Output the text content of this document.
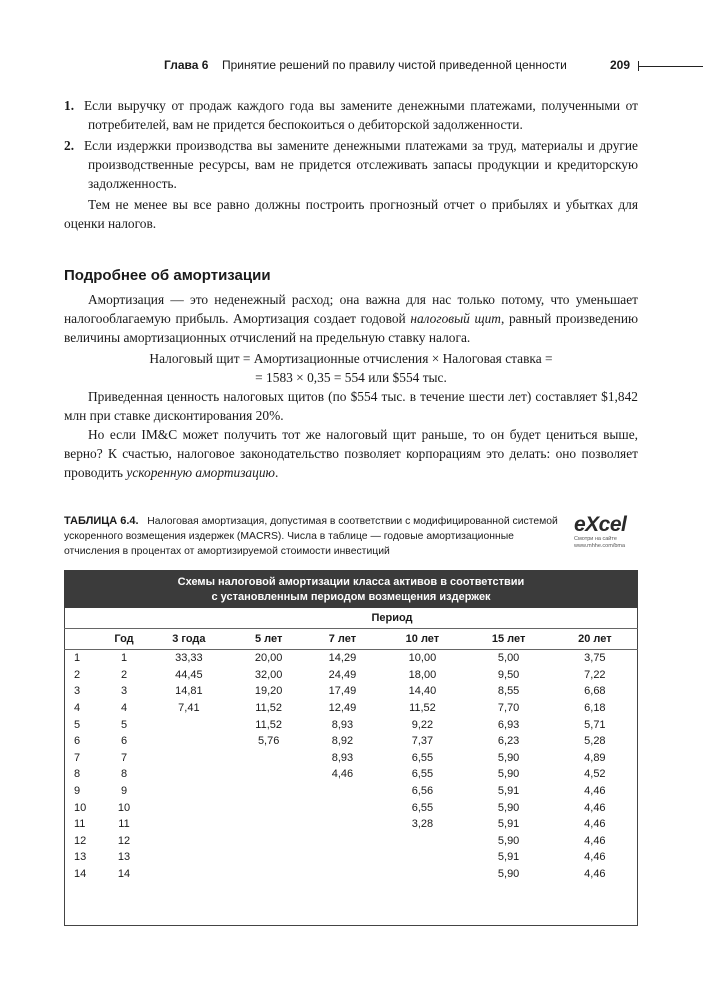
Глава 6 Принятие решений по правилу чистой приведенной ценности	209

1. Если выручку от продаж каждого года вы замените денежными платежами, полученными от потребителей, вам не придется беспокоиться о дебиторской задолженности.

2. Если издержки производства вы замените денежными платежами за труд, материалы и другие производственные ресурсы, вам не придется отслеживать запасы продукции и кредиторскую задолженность.

Тем не менее вы все равно должны построить прогнозный отчет о прибылях и убытках для оценки налогов.

Подробнее об амортизации

Амортизация — это неденежный расход; она важна для нас только потому, что уменьшает налогооблагаемую прибыль. Амортизация создает годовой налоговый щит, равный произведению величины амортизационных отчислений на предельную ставку налога.

Налоговый щит = Амортизационные отчисления × Налоговая ставка =

= 1583 × 0,35 = 554 или $554 тыс.

Приведенная ценность налоговых щитов (по $554 тыс. в течение шести лет) составляет $1,842 млн при ставке дисконтирования 20%.

Но если IM&C может получить тот же налоговый щит раньше, то он будет цениться выше, верно? К счастью, налоговое законодательство позволяет корпорациям это делать: оно позволяет проводить ускоренную амортизацию.

ТАБЛИЦА 6.4. Налоговая амортизация, допустимая в соответствии с модифицированной системой ускоренного возмещения издержек (MACRS). Числа в таблице — годовые амортизационные отчисления в процентах от амортизируемой стоимости инвестиций
eXcel
Смотри на сайте
www.mhhe.com/bma
Схемы налоговой амортизации класса активов в соответствии							
с установленным периодом возмещения издержек							
		Период					
	Год	3 года	5 лет	7 лет	10 лет	15 лет	20 лет
1	1	33,33	20,00	14,29	10,00	5,00	3,75
2	2	44,45	32,00	24,49	18,00	9,50	7,22
3	3	14,81	19,20	17,49	14,40	8,55	6,68
4	4	7,41	11,52	12,49	11,52	7,70	6,18
5	5		11,52	8,93	9,22	6,93	5,71
6	6		5,76	8,92	7,37	6,23	5,28
7	7			8,93	6,55	5,90	4,89
8	8			4,46	6,55	5,90	4,52
9	9				6,56	5,91	4,46
10	10				6,55	5,90	4,46
11	11				3,28	5,91	4,46
12	12					5,90	4,46
13	13					5,91	4,46
14	14					5,90	4,46
